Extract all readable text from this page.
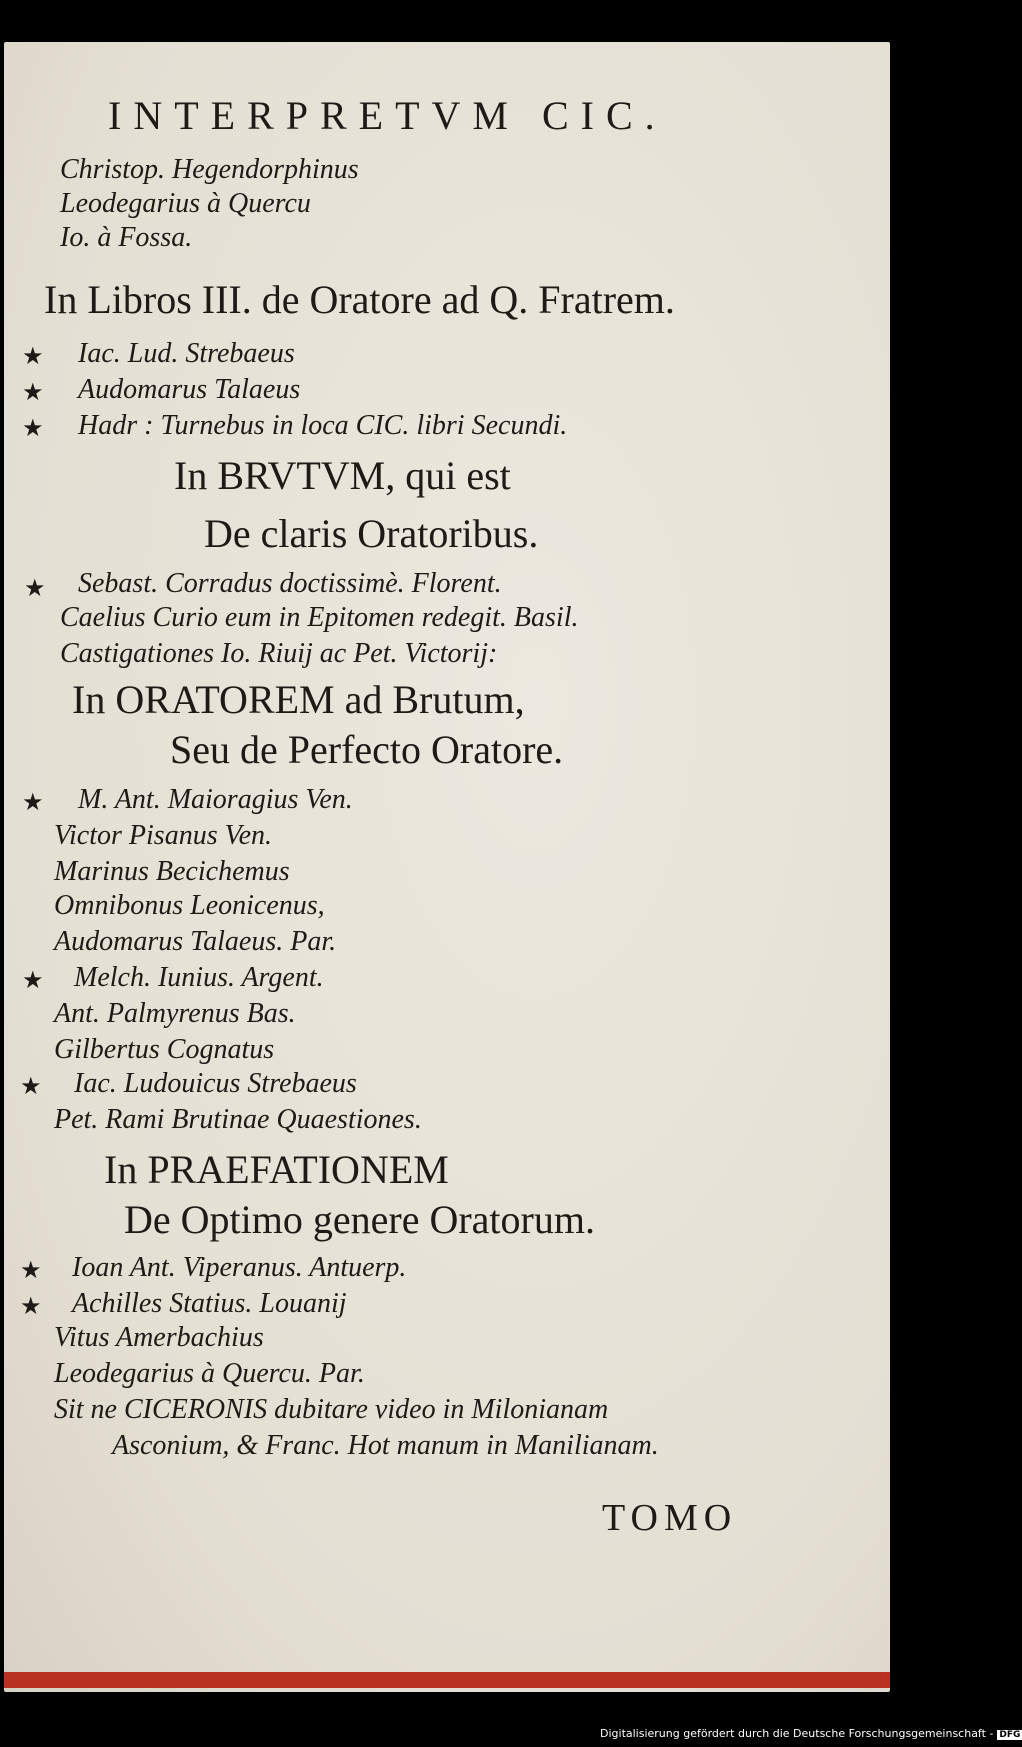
INTERPRETVM CIC.
Christop. Hegendorphinus
Leodegarius à Quercu
Io. à Fossa.
In Libros III. de Oratore ad Q. Fratrem.
★ Iac. Lud. Strebaeus
★ Audomarus Talaeus
★ Hadr : Turnebus in loca CIC. libri Secundi.
In BRVTVM, qui est
De claris Oratoribus.
★ Sebast. Corradus doctissimè. Florent.
Caelius Curio eum in Epitomen redegit. Basil.
Castigationes Io. Riuij ac Pet. Victorij:
In ORATOREM ad Brutum,
Seu de Perfecto Oratore.
★ M. Ant. Maioragius Ven.
Victor Pisanus Ven.
Marinus Becichemus
Omnibonus Leonicenus,
Audomarus Talaeus. Par.
★ Melch. Iunius. Argent.
Ant. Palmyrenus Bas.
Gilbertus Cognatus
★ Iac. Ludouicus Strebaeus
Pet. Rami Brutinae Quaestiones.
In PRAEFATIONEM
De Optimo genere Oratorum.
★ Ioan Ant. Viperanus. Antuerp.
★ Achilles Statius. Louanij
Vitus Amerbachius
Leodegarius à Quercu. Par.
Sit ne CICERONIS dubitare video in Milonianam
Asconium, & Franc. Hot manum in Manilianam.
TOMO
Digitalisierung gefördert durch die Deutsche Forschungsgemeinschaft - DFG
